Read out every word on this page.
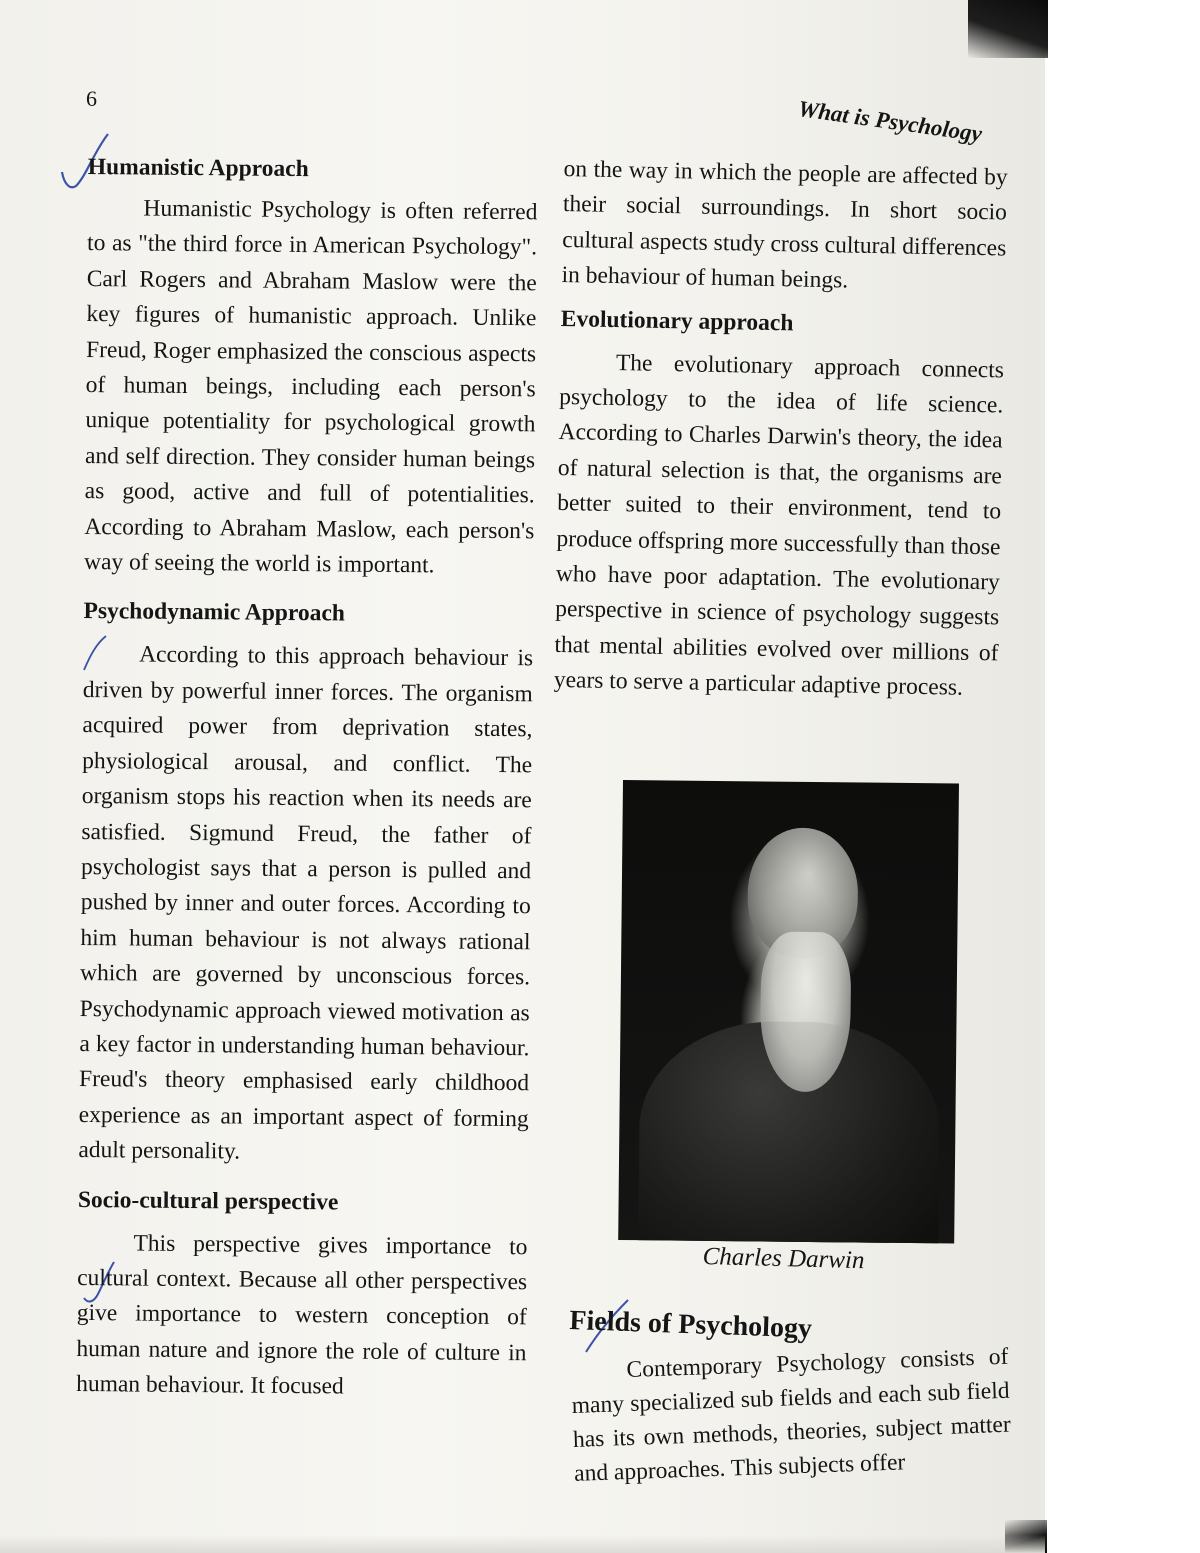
6	What is Psychology
Humanistic Approach

Humanistic Psychology is often referred to as "the third force in American Psychology". Carl Rogers and Abraham Maslow were the key figures of humanistic approach. Unlike Freud, Roger emphasized the conscious aspects of human beings, including each person's unique potentiality for psychological growth and self direction. They consider human beings as good, active and full of potentialities. According to Abraham Maslow, each person's way of seeing the world is important.

Psychodynamic Approach

According to this approach behaviour is driven by powerful inner forces. The organism acquired power from deprivation states, physiological arousal, and conflict. The organism stops his reaction when its needs are satisfied. Sigmund Freud, the father of psychologist says that a person is pulled and pushed by inner and outer forces. According to him human behaviour is not always rational which are governed by unconscious forces. Psychodynamic approach viewed motivation as a key factor in understanding human behaviour. Freud's theory emphasised early childhood experience as an important aspect of forming adult personality.

Socio-cultural perspective

This perspective gives importance to cultural context. Because all other perspectives give importance to western conception of human nature and ignore the role of culture in human behaviour. It focused

on the way in which the people are affected by their social surroundings. In short socio cultural aspects study cross cultural differences in behaviour of human beings.

Evolutionary approach

The evolutionary approach connects psychology to the idea of life science. According to Charles Darwin's theory, the idea of natural selection is that, the organisms are better suited to their environment, tend to produce offspring more successfully than those who have poor adaptation. The evolutionary perspective in science of psychology suggests that mental abilities evolved over millions of years to serve a particular adaptive process.

Charles Darwin
Fields of Psychology

Contemporary Psychology consists of many specialized sub fields and each sub field has its own methods, theories, subject matter and approaches. This subjects offer
